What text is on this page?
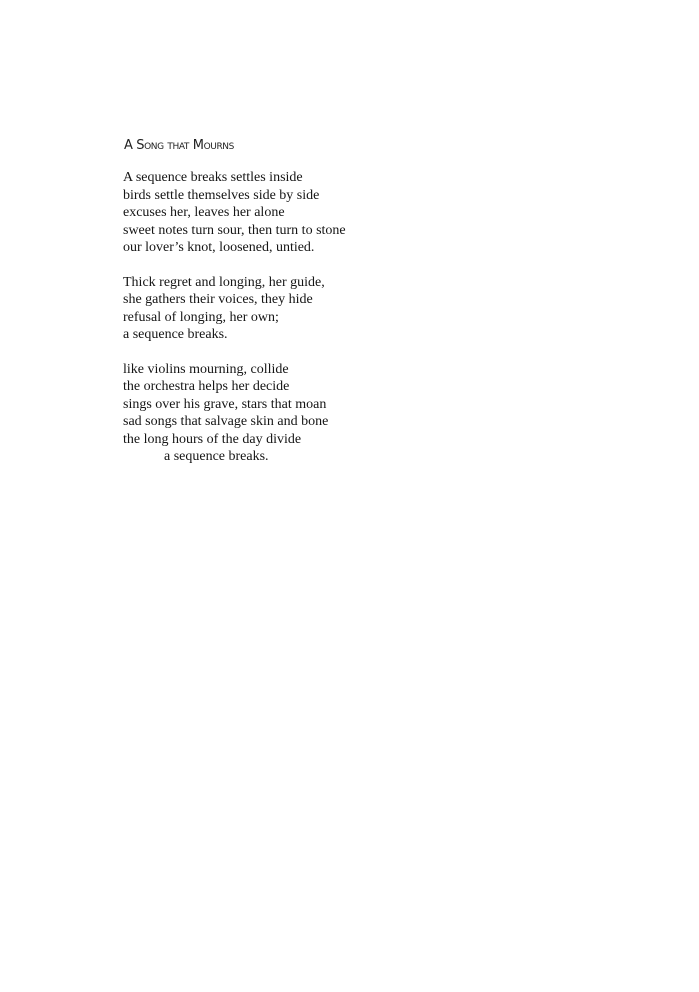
A Song that Mourns
A sequence breaks settles inside
birds settle themselves side by side
excuses her, leaves her alone
sweet notes turn sour, then turn to stone
our lover’s knot, loosened, untied.
Thick regret and longing, her guide,
she gathers their voices, they hide
refusal of longing, her own;
a sequence breaks.
like violins mourning, collide
the orchestra helps her decide
sings over his grave, stars that moan
sad songs that salvage skin and bone
the long hours of the day divide
a sequence breaks.
